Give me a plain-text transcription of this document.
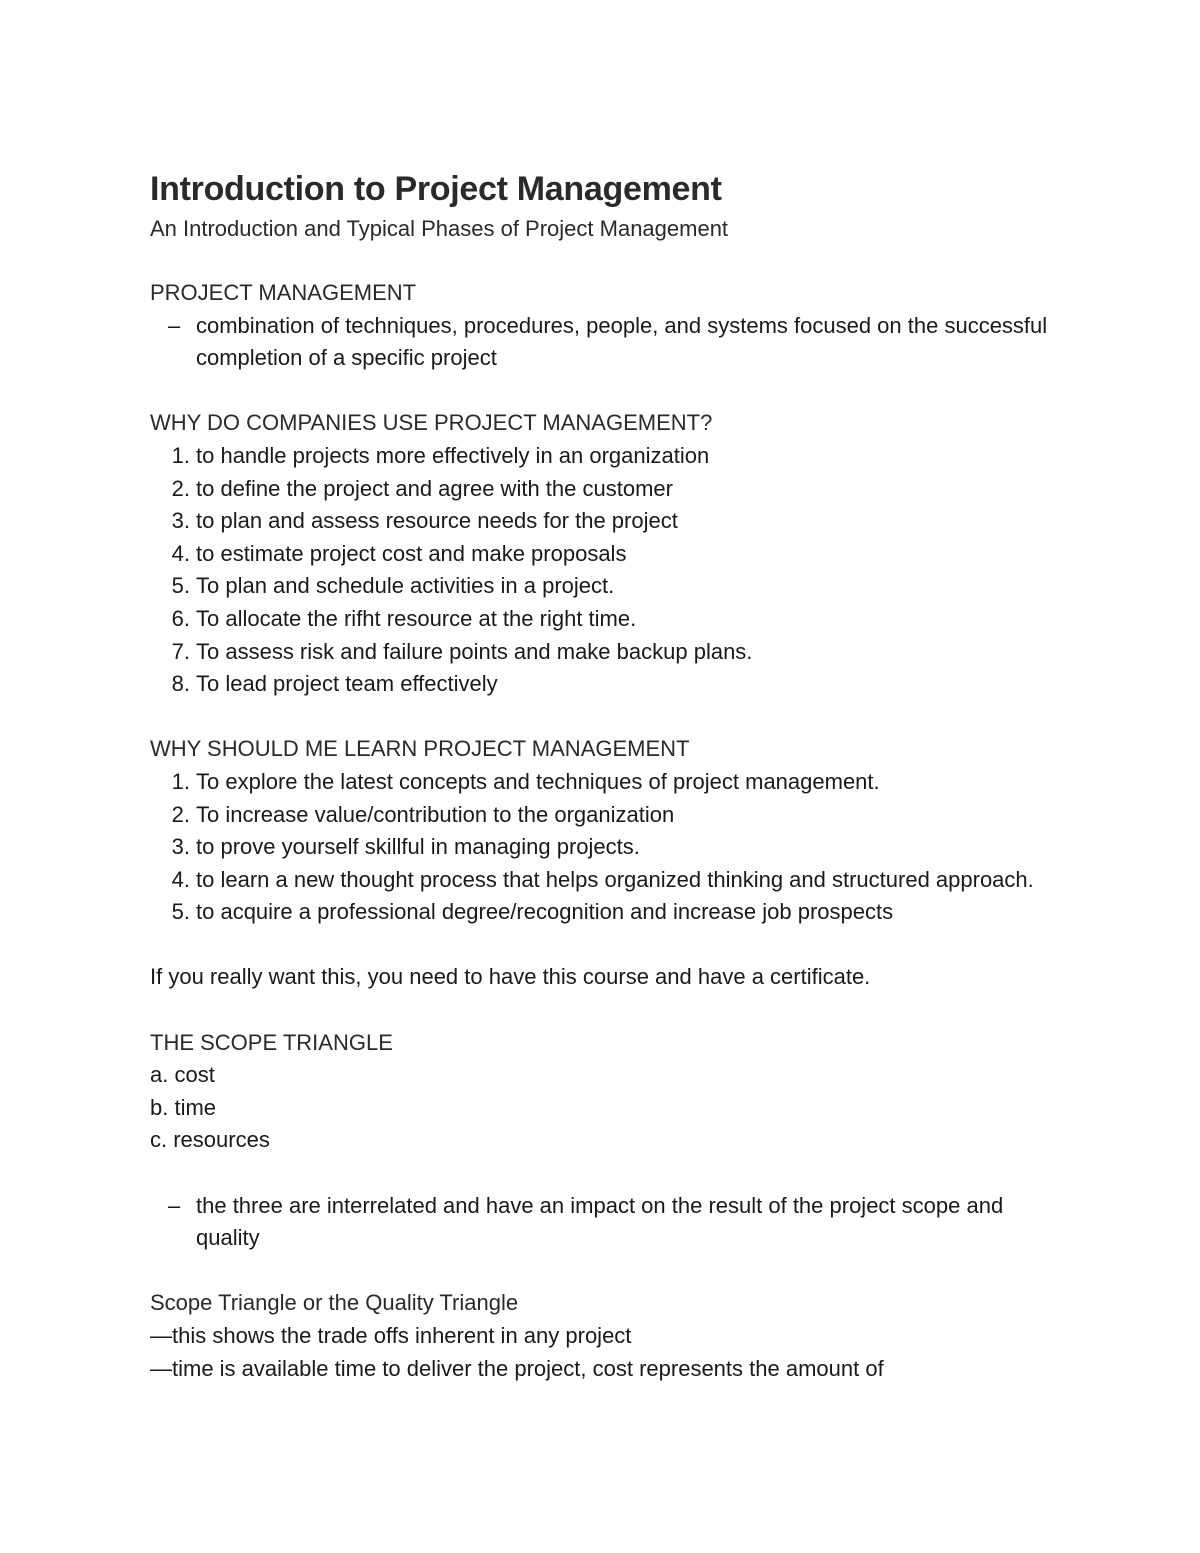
Introduction to Project Management

An Introduction and Typical Phases of Project Management

PROJECT MANAGEMENT

– combination of techniques, procedures, people, and systems focused on the successful completion of a specific project

WHY DO COMPANIES USE PROJECT MANAGEMENT?

1. to handle projects more effectively in an organization
2. to define the project and agree with the customer
3. to plan and assess resource needs for the project
4. to estimate project cost and make proposals
5. To plan and schedule activities in a project.
6. To allocate the rifht resource at the right time.
7. To assess risk and failure points and make backup plans.
8. To lead project team effectively

WHY SHOULD ME LEARN PROJECT MANAGEMENT

1. To explore the latest concepts and techniques of project management.
2. To increase value/contribution to the organization
3. to prove yourself skillful in managing projects.
4. to learn a new thought process that helps organized thinking and structured approach.
5. to acquire a professional degree/recognition and increase job prospects

If you really want this, you need to have this course and have a certificate.

THE SCOPE TRIANGLE

a. cost

b. time

c. resources

– the three are interrelated and have an impact on the result of the project scope and quality

Scope Triangle or the Quality Triangle

—this shows the trade offs inherent in any project

—time is available time to deliver the project, cost represents the amount of
